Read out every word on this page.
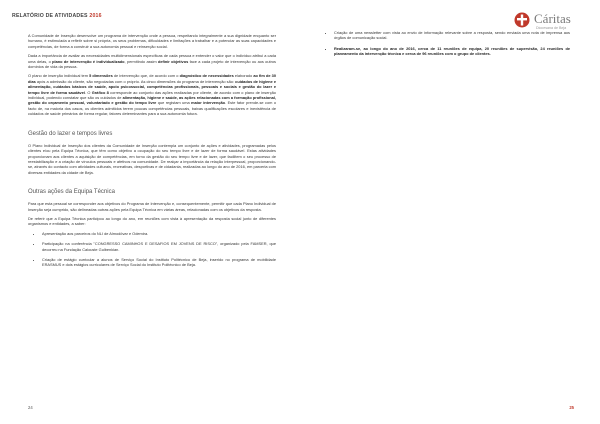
RELATÓRIO DE ATIVIDADES 2016

A Comunidade de Inserção desenvolve um programa de intervenção onde a pessoa, respeitando integralmente a sua dignidade enquanto ser humano, é estimulada a refletir sobre si própria, os seus problemas, dificuldades e limitações a trabalhar e a potenciar as suas capacidades e competências, de forma a construir a sua autonomia pessoal e reinserção social.

Dada a importância de avaliar as necessidades multidimensionais específicas de cada pessoa e entender o valor que o indivíduo atribui a cada uma delas, o plano de intervenção é individualizado, permitindo assim definir objetivos face a cada projeto de intervenção ou aos outros domínios de vida da pessoa.

O plano de inserção individual tem 5 dimensões de intervenção que, de acordo com o diagnóstico de necessidades elaborado ao fim de 30 dias após a admissão do cliente, são negociadas com o próprio. As cinco dimensões do programa de intervenção são: cuidados de higiene e alimentação, cuidados básicos de saúde, apoio psicossocial, competências profissionais, pessoais e sociais e gestão do lazer e tempo livre de forma saudável. O Gráfico 8 corresponde ao conjunto das ações realizadas por cliente, de acordo com o plano de inserção individual, podendo constatar que são os cuidados de alimentação, higiene e saúde, as ações relacionadas com a formação profissional, gestão do orçamento pessoal, voluntariado e gestão do tempo livre que registam uma maior intervenção. Este fator prende-se com o facto de, na maioria dos casos, os clientes admitidos terem poucas competências pessoais, baixas qualificações escolares e inexistência de cuidados de saúde primários de forma regular, fatores determinantes para a sua autonomia futura.

Gestão do lazer e tempos livres

O Plano Individual de Inserção dos clientes da Comunidade de Inserção contempla um conjunto de ações e atividades, programadas pelos clientes e/ou pela Equipa Técnica, que têm como objetivo a ocupação do seu tempo livre e de lazer de forma saudável. Estas atividades proporcionam aos clientes a aquisição de competências, em torno da gestão do seu tempo livre e de lazer, que facilitem o seu processo de reestabilização e a criação de vínculos pessoais e afetivos na comunidade. De realçar a importância da relação interpessoal, proporcionando-se, através do contacto com atividades culturais, recreativas, desportivas e de cidadania, realizadas ao longo do ano de 2016, em parceria com diversas entidades da cidade de Beja.

Outras ações da Equipa Técnica

Para que esta pessoal se corresponder aos objetivos do Programa de Intervenção e, consequentemente, permitir que cada Plano Individual de Inserção seja cumprido, são delineadas outras ações pela Equipa Técnica em várias áreas, relacionadas com os objetivos da resposta.

De referir que a Equipa Técnica participou ao longo do ano, em reuniões com vista à apresentação da resposta social junto de diferentes organismos e entidades, a saber:

• Apresentação aos parceiros do NLI de Almodôvar e Odemira.
• Participação na conferência "CONGRESSO CAMINHOS E DESAFIOS EM JOVENS DE RISCO", organizado pela FAMSER, que decorreu na Fundação Calouste Gulbenkian.
• Criação de estágio curricular a alunos de Serviço Social do Instituto Politécnico de Beja, inserido no programa de mobilidade ERASMUS e dois estágios curriculares de Serviço Social do Instituto Politécnico de Beja.
24
Cáritas
Diocesana de Beja
• Criação de uma newsletter com vista ao envio de informação relevante sobre a resposta, sendo enviada uma nota de imprensa aos órgãos de comunicação social.
• Realizaram-se, ao longo do ano de 2016, cerca de 11 reuniões de equipa, 20 reuniões de supervisão, 24 reuniões de planeamento da intervenção técnica e cerca de 96 reuniões com o grupo de clientes.
25
